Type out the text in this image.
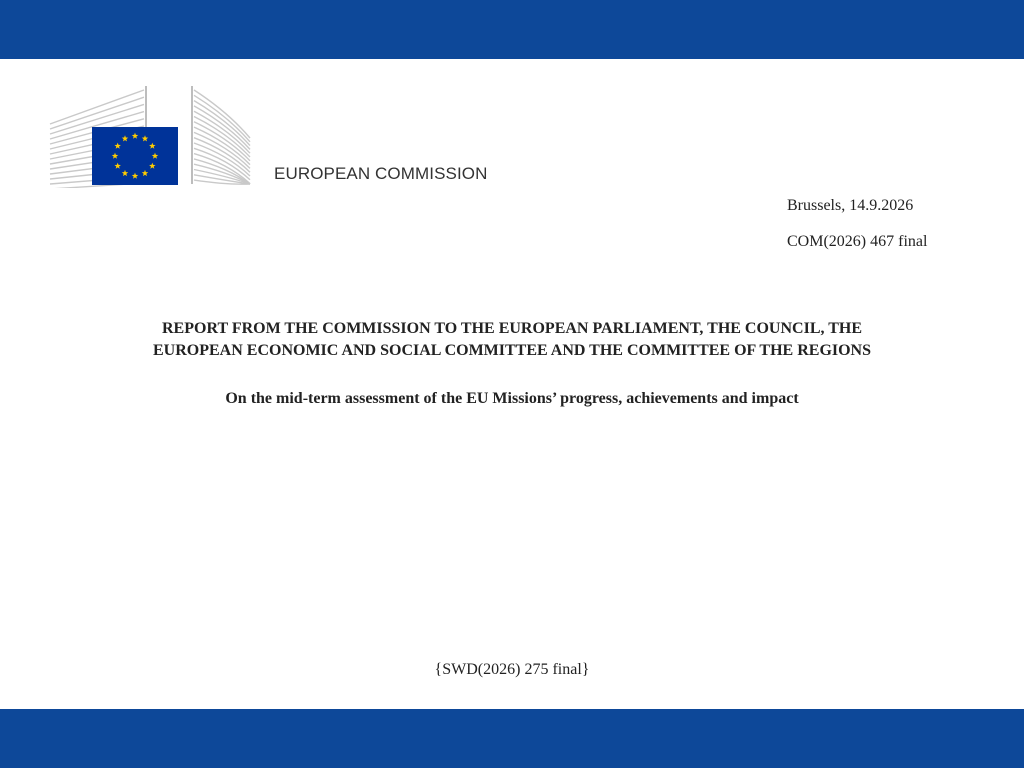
EUROPEAN COMMISSION
Brussels, 14.9.2026
COM(2026) 467 final
REPORT FROM THE COMMISSION TO THE EUROPEAN PARLIAMENT, THE COUNCIL, THE
EUROPEAN ECONOMIC AND SOCIAL COMMITTEE AND THE COMMITTEE OF THE REGIONS
On the mid-term assessment of the EU Missions’ progress, achievements and impact
{SWD(2026) 275 final}
